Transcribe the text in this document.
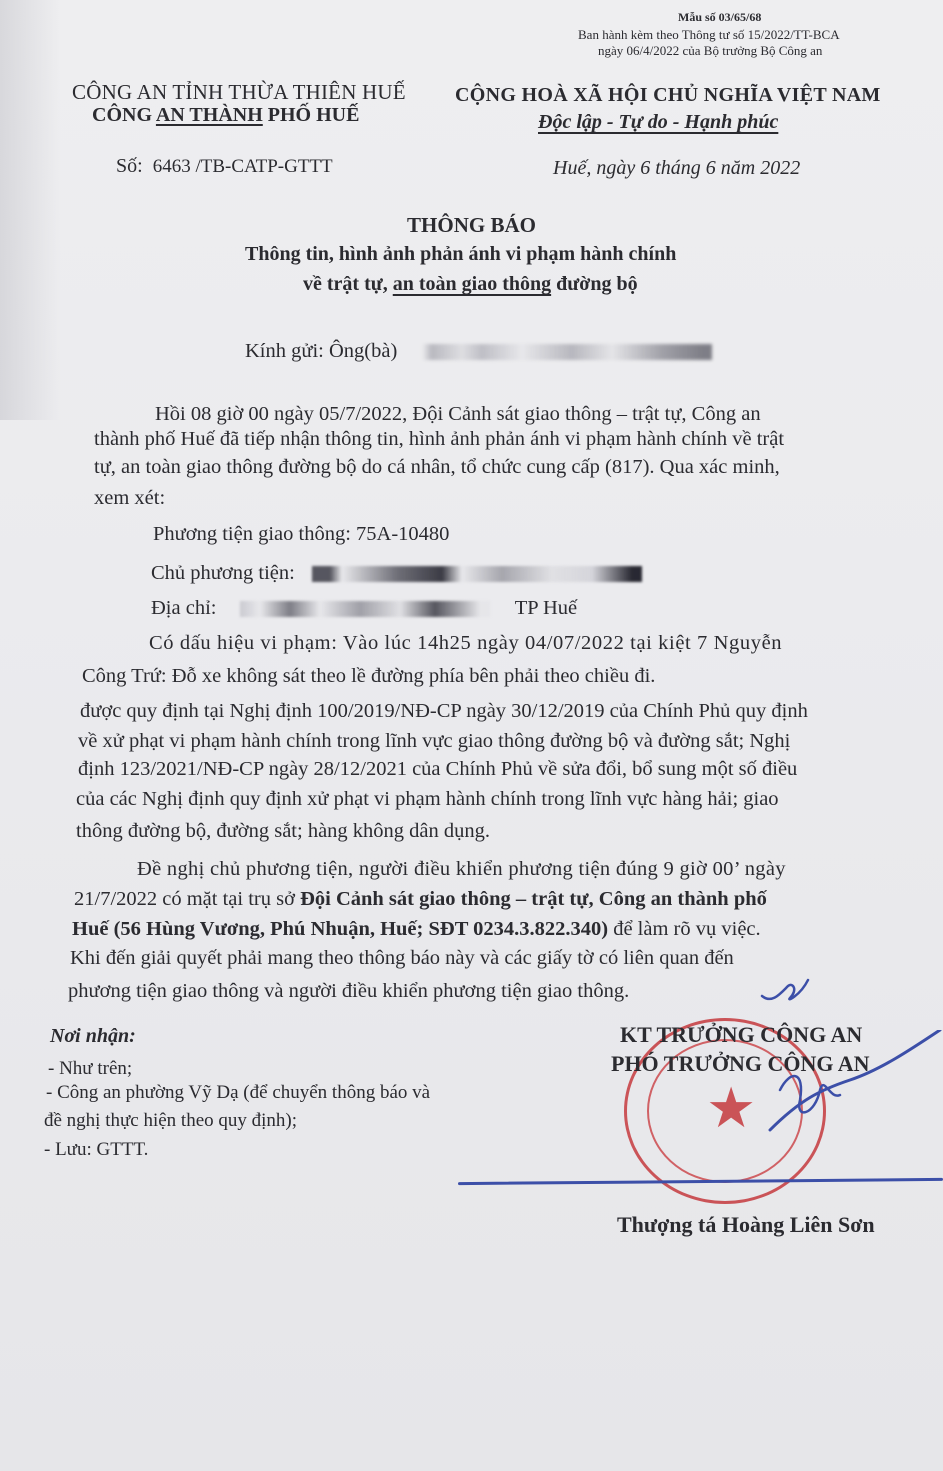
Mẫu số 03/65/68
Ban hành kèm theo Thông tư số 15/2022/TT-BCA
ngày 06/4/2022 của Bộ trưởng Bộ Công an
CÔNG AN TỈNH THỪA THIÊN HUẾ
CÔNG AN THÀNH PHỐ HUẾ
CỘNG HOÀ XÃ HỘI CHỦ NGHĨA VIỆT NAM
Độc lập - Tự do - Hạnh phúc
Số: 6463 /TB-CATP-GTTT	Huế, ngày 6 tháng 6 năm 2022
THÔNG BÁO
Thông tin, hình ảnh phản ánh vi phạm hành chính
về trật tự, an toàn giao thông đường bộ
Kính gửi: Ông(bà)
Hồi 08 giờ 00 ngày 05/7/2022, Đội Cảnh sát giao thông – trật tự, Công an
thành phố Huế đã tiếp nhận thông tin, hình ảnh phản ánh vi phạm hành chính về trật
tự, an toàn giao thông đường bộ do cá nhân, tổ chức cung cấp (817). Qua xác minh,
xem xét:
Phương tiện giao thông: 75A-10480
Chủ phương tiện:
Địa chỉ:	TP Huế
Có dấu hiệu vi phạm: Vào lúc 14h25 ngày 04/07/2022 tại kiệt 7 Nguyễn
Công Trứ: Đỗ xe không sát theo lề đường phía bên phải theo chiều đi.
được quy định tại Nghị định 100/2019/NĐ-CP ngày 30/12/2019 của Chính Phủ quy định
về xử phạt vi phạm hành chính trong lĩnh vực giao thông đường bộ và đường sắt; Nghị
định 123/2021/NĐ-CP ngày 28/12/2021 của Chính Phủ về sửa đổi, bổ sung một số điều
của các Nghị định quy định xử phạt vi phạm hành chính trong lĩnh vực hàng hải; giao
thông đường bộ, đường sắt; hàng không dân dụng.
Đề nghị chủ phương tiện, người điều khiển phương tiện đúng 9 giờ 00’ ngày
21/7/2022 có mặt tại trụ sở Đội Cảnh sát giao thông – trật tự, Công an thành phố
Huế (56 Hùng Vương, Phú Nhuận, Huế; SĐT 0234.3.822.340) để làm rõ vụ việc.
Khi đến giải quyết phải mang theo thông báo này và các giấy tờ có liên quan đến
phương tiện giao thông và người điều khiển phương tiện giao thông.
Nơi nhận:
- Như trên;
- Công an phường Vỹ Dạ (để chuyển thông báo và
đề nghị thực hiện theo quy định);
- Lưu: GTTT.
★
KT TRƯỞNG CÔNG AN
PHÓ TRƯỞNG CÔNG AN
Thượng tá Hoàng Liên Sơn
